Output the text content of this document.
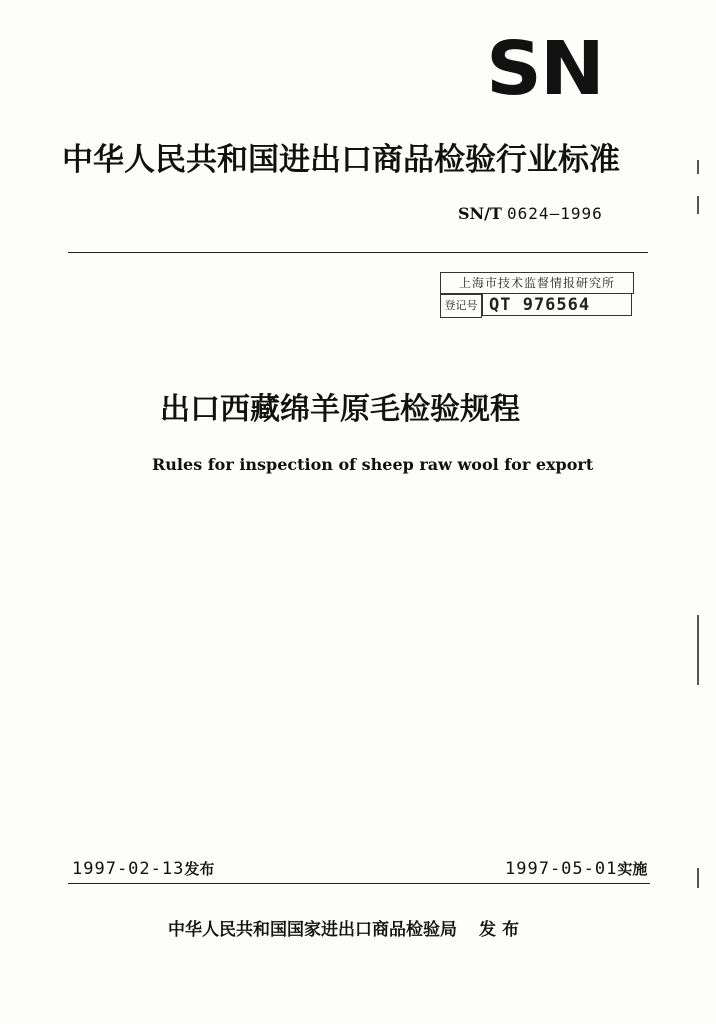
SN
中华人民共和国进出口商品检验行业标准
SN/T 0624—1996
上海市技术监督情报研究所
登记号 QT 976564
出口西藏绵羊原毛检验规程
Rules for inspection of sheep raw wool for export
1997-02-13发布	1997-05-01实施
中华人民共和国国家进出口商品检验局 发布
